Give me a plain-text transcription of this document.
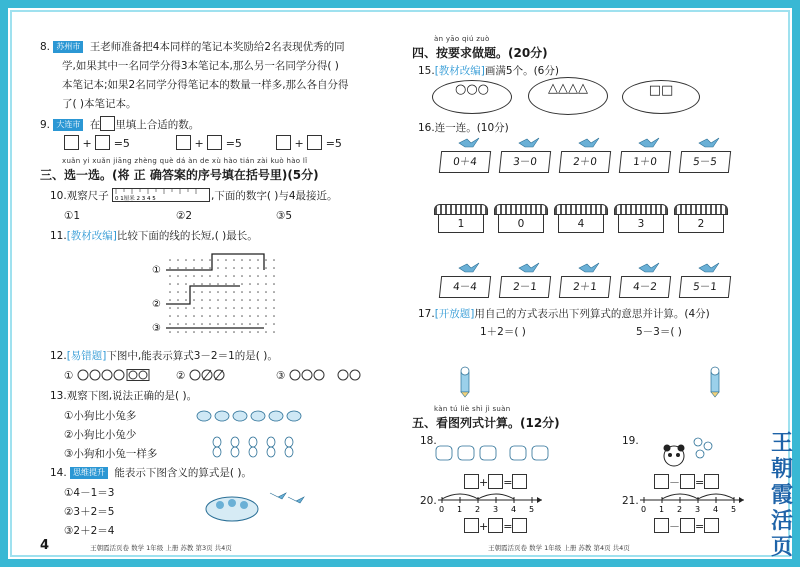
8. 苏州市 王老师准备把4本同样的笔记本奖励给2名表现优秀的同
学,如果其中一名同学分得3本笔记本,那么另一名同学分得( )
本笔记本;如果2名同学分得笔记本的数量一样多,那么各自分得
了( )本笔记本。
9. 大连市 在 里填上合适的数。
+ =5	+ =5	+ =5
xuǎn yi xuǎn jiāng zhèng què dá àn de xù hào tián zài kuò hào lǐ
三、选一选。(将 正 确答案的序号填在括号里)(5分)
10.观察尺子 0 1厘米 2 3 4 5	,下面的数字( )与4最接近。
①1	②2	③5
11.[教材改编]比较下面的线的长短,( )最长。
①
②
③
12.[易错题]下图中,能表示算式3－2＝1的是( )。
①	②	③
13.观察下图,说法正确的是( )。
①小狗比小兔多
②小狗比小兔少
③小狗和小兔一样多
14. 思维提升 能表示下图含义的算式是( )。
①4－1＝3
②3＋2＝5
③2＋2＝4
4	王朝霞活页卷 数学 1年级 上册 苏教 第3页 共4页
àn yāo qiú zuò
四、按要求做题。(20分)
15.[教材改编]画满5个。(6分)
○○○	△△△△	□□
16.连一连。(10分)
0＋4	3－0	2＋0	1＋0	5－5
1	0	4	3	2
4－4	2－1	2＋1	4－2	5－1
17.[开放题]用自己的方式表示出下列算式的意思并计算。(4分)
1＋2＝( )	5－3＝( )
kàn tú liè shì jì suàn
五、看图列式计算。(12分)
18.
+ =
19.
－ =
20.
0 1 2 3 4 5
+ =
21.
0 1 2 3 4 5
－ =
王朝霞活页卷 数学 1年级 上册 苏教 第4页 共4页
王朝霞活页
